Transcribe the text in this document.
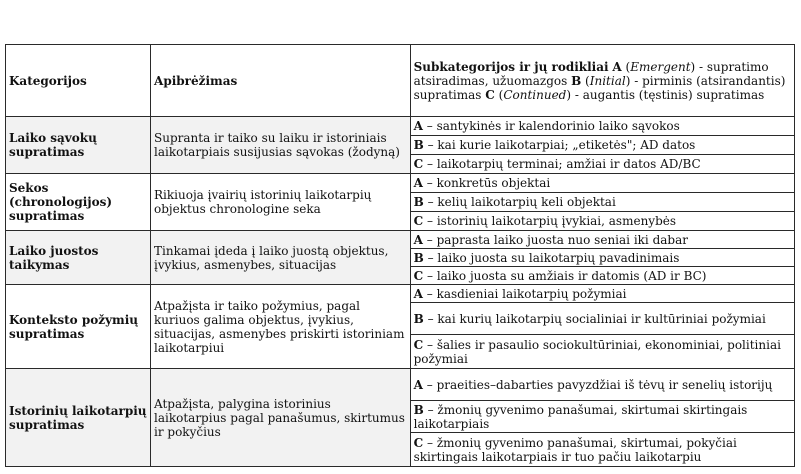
Kategorijos	Apibrėžimas	Subkategorijos ir jų rodikliai A (Emergent) - supratimo atsiradimas, užuomazgos B (Initial) - pirminis (atsirandantis) supratimas C (Continued) - augantis (tęstinis) supratimas
Laiko sąvokų supratimas	Supranta ir taiko su laiku ir istoriniais laikotarpiais susijusias sąvokas (žodyną)	A – santykinės ir kalendorinio laiko sąvokos
		B – kai kurie laikotarpiai; „etiketės"; AD datos
		C – laikotarpių terminai; amžiai ir datos AD/BC
Sekos (chronologijos) supratimas	Rikiuoja įvairių istorinių laikotarpių objektus chronologine seka	A – konkretūs objektai
		B – kelių laikotarpių keli objektai
		C – istorinių laikotarpių įvykiai, asmenybės
Laiko juostos taikymas	Tinkamai įdeda į laiko juostą objektus, įvykius, asmenybes, situacijas	A – paprasta laiko juosta nuo seniai iki dabar
		B – laiko juosta su laikotarpių pavadinimais
		C – laiko juosta su amžiais ir datomis (AD ir BC)
Konteksto požymių supratimas	Atpažįsta ir taiko požymius, pagal kuriuos galima objektus, įvykius, situacijas, asmenybes priskirti istoriniam laikotarpiui	A – kasdieniai laikotarpių požymiai
		B – kai kurių laikotarpių socialiniai ir kultūriniai požymiai
		C – šalies ir pasaulio sociokultūriniai, ekonominiai, politiniai požymiai
Istorinių laikotarpių supratimas	Atpažįsta, palygina istorinius laikotarpius pagal panašumus, skirtumus ir pokyčius	A – praeities–dabarties pavyzdžiai iš tėvų ir senelių istorijų
		B – žmonių gyvenimo panašumai, skirtumai skirtingais laikotarpiais
		C – žmonių gyvenimo panašumai, skirtumai, pokyčiai skirtingais laikotarpiais ir tuo pačiu laikotarpiu
